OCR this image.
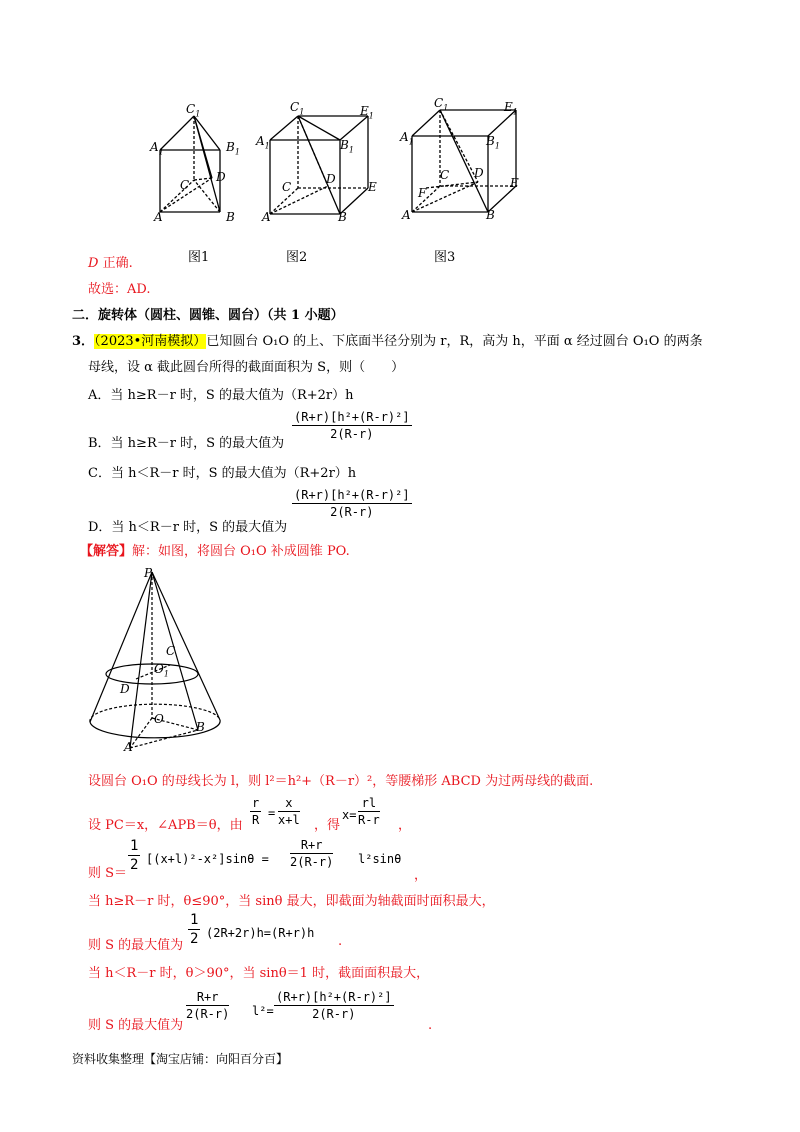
$C_1$
$A_1$	$B_1$
C
D
A	B
$C_1$	$E_1$
$A_1$	$B_1$
C
D
E
A	B
$C_1$	$E_1$
$A_1$	$B_1$
C D
E
F
A	B
图1	图2	图3
D 正确.
故选：AD.
二．旋转体（圆柱、圆锥、圆台）（共 1 小题）
3．（2023•河南模拟）已知圆台 O₁O 的上、下底面半径分别为 r，R，高为 h，平面 α 经过圆台 O₁O 的两条
母线，设 α 截此圆台所得的截面面积为 S，则（　　）
A．当 h≥R－r 时，S 的最大值为（R+2r）h
B．当 h≥R－r 时，S 的最大值为
$\frac{\text{(R+r)[h²+(R-r)²]}}{2(R-r)}$
C．当 h＜R－r 时，S 的最大值为（R+2r）h
D．当 h＜R－r 时，S 的最大值为
$\frac{\text{(R+r)[h²+(R-r)²]}}{2(R-r)}$
【解答】解：如图，将圆台 O₁O 补成圆锥 PO.
P
C
$O_1$
D
O
B
A
设圆台 O₁O 的母线长为 l，则 l²＝h²+（R－r）²，等腰梯形 ABCD 为过两母线的截面.
设 PC＝x，∠APB＝θ，由 $\frac{r}{R} = \frac{x}{x+l}$ ，得
$x= \frac{rl}{R-r}$ ，
则 S＝
$\frac{1}{2} [(x+l)^2-x^2]\sin\theta = \frac{R+r}{2(R-r)} l^2\sin\theta$
，
当 h≥R－r 时，θ≤90°，当 sinθ 最大，即截面为轴截面时面积最大，
则 S 的最大值为 $\frac{1}{2} (2R+2r)h=(R+r)h$
.
当 h＜R－r 时，θ＞90°，当 sinθ＝1 时，截面面积最大，
则 S 的最大值为
$\frac{R+r}{2(R-r)} l^2= \frac{\text{(R+r)[h²+(R-r)²]}}{2(R-r)}$
.
资料收集整理【淘宝店铺：向阳百分百】
